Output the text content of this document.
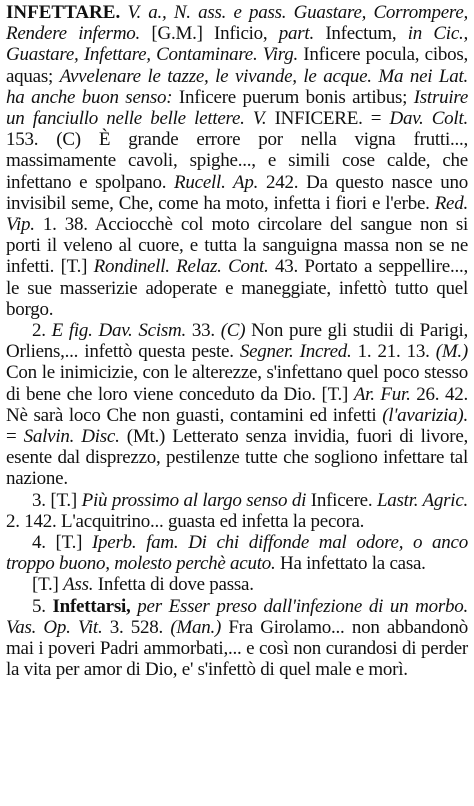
INFETTARE. V. a., N. ass. e pass. Guastare, Corrompere, Rendere infermo. [G.M.] Inficio, part. Infectum, in Cic., Guastare, Infettare, Contaminare. Virg. Inficere pocula, cibos, aquas; Avvelenare le tazze, le vivande, le acque. Ma nei Lat. ha anche buon senso: Inficere puerum bonis artibus; Istruire un fanciullo nelle belle lettere. V. INFICERE. = Dav. Colt. 153. (C) È grande errore por nella vigna frutti..., massimamente cavoli, spighe..., e simili cose calde, che infettano e spolpano. Rucell. Ap. 242. Da questo nasce uno invisibil seme, Che, come ha moto, infetta i fiori e l'erbe. Red. Vip. 1. 38. Acciocchè col moto circolare del sangue non si porti il veleno al cuore, e tutta la sanguigna massa non se ne infetti. [T.] Rondinell. Relaz. Cont. 43. Portato a seppellire..., le sue masserizie adoperate e maneggiate, infettò tutto quel borgo.

2. E fig. Dav. Scism. 33. (C) Non pure gli studii di Parigi, Orliens,... infettò questa peste. Segner. Incred. 1. 21. 13. (M.) Con le inimicizie, con le alterezze, s'infettano quel poco stesso di bene che loro viene conceduto da Dio. [T.] Ar. Fur. 26. 42. Nè sarà loco Che non guasti, contamini ed infetti (l'avarizia). = Salvin. Disc. (Mt.) Letterato senza invidia, fuori di livore, esente dal disprezzo, pestilenze tutte che sogliono infettare tal nazione.

3. [T.] Più prossimo al largo senso di Inficere. Lastr. Agric. 2. 142. L'acquitrino... guasta ed infetta la pecora.

4. [T.] Iperb. fam. Di chi diffonde mal odore, o anco troppo buono, molesto perchè acuto. Ha infettato la casa.

[T.] Ass. Infetta di dove passa.

5. Infettarsi, per Esser preso dall'infezione di un morbo. Vas. Op. Vit. 3. 528. (Man.) Fra Girolamo... non abbandonò mai i poveri Padri ammorbati,... e così non curandosi di perder la vita per amor di Dio, e' s'infettò di quel male e morì.
